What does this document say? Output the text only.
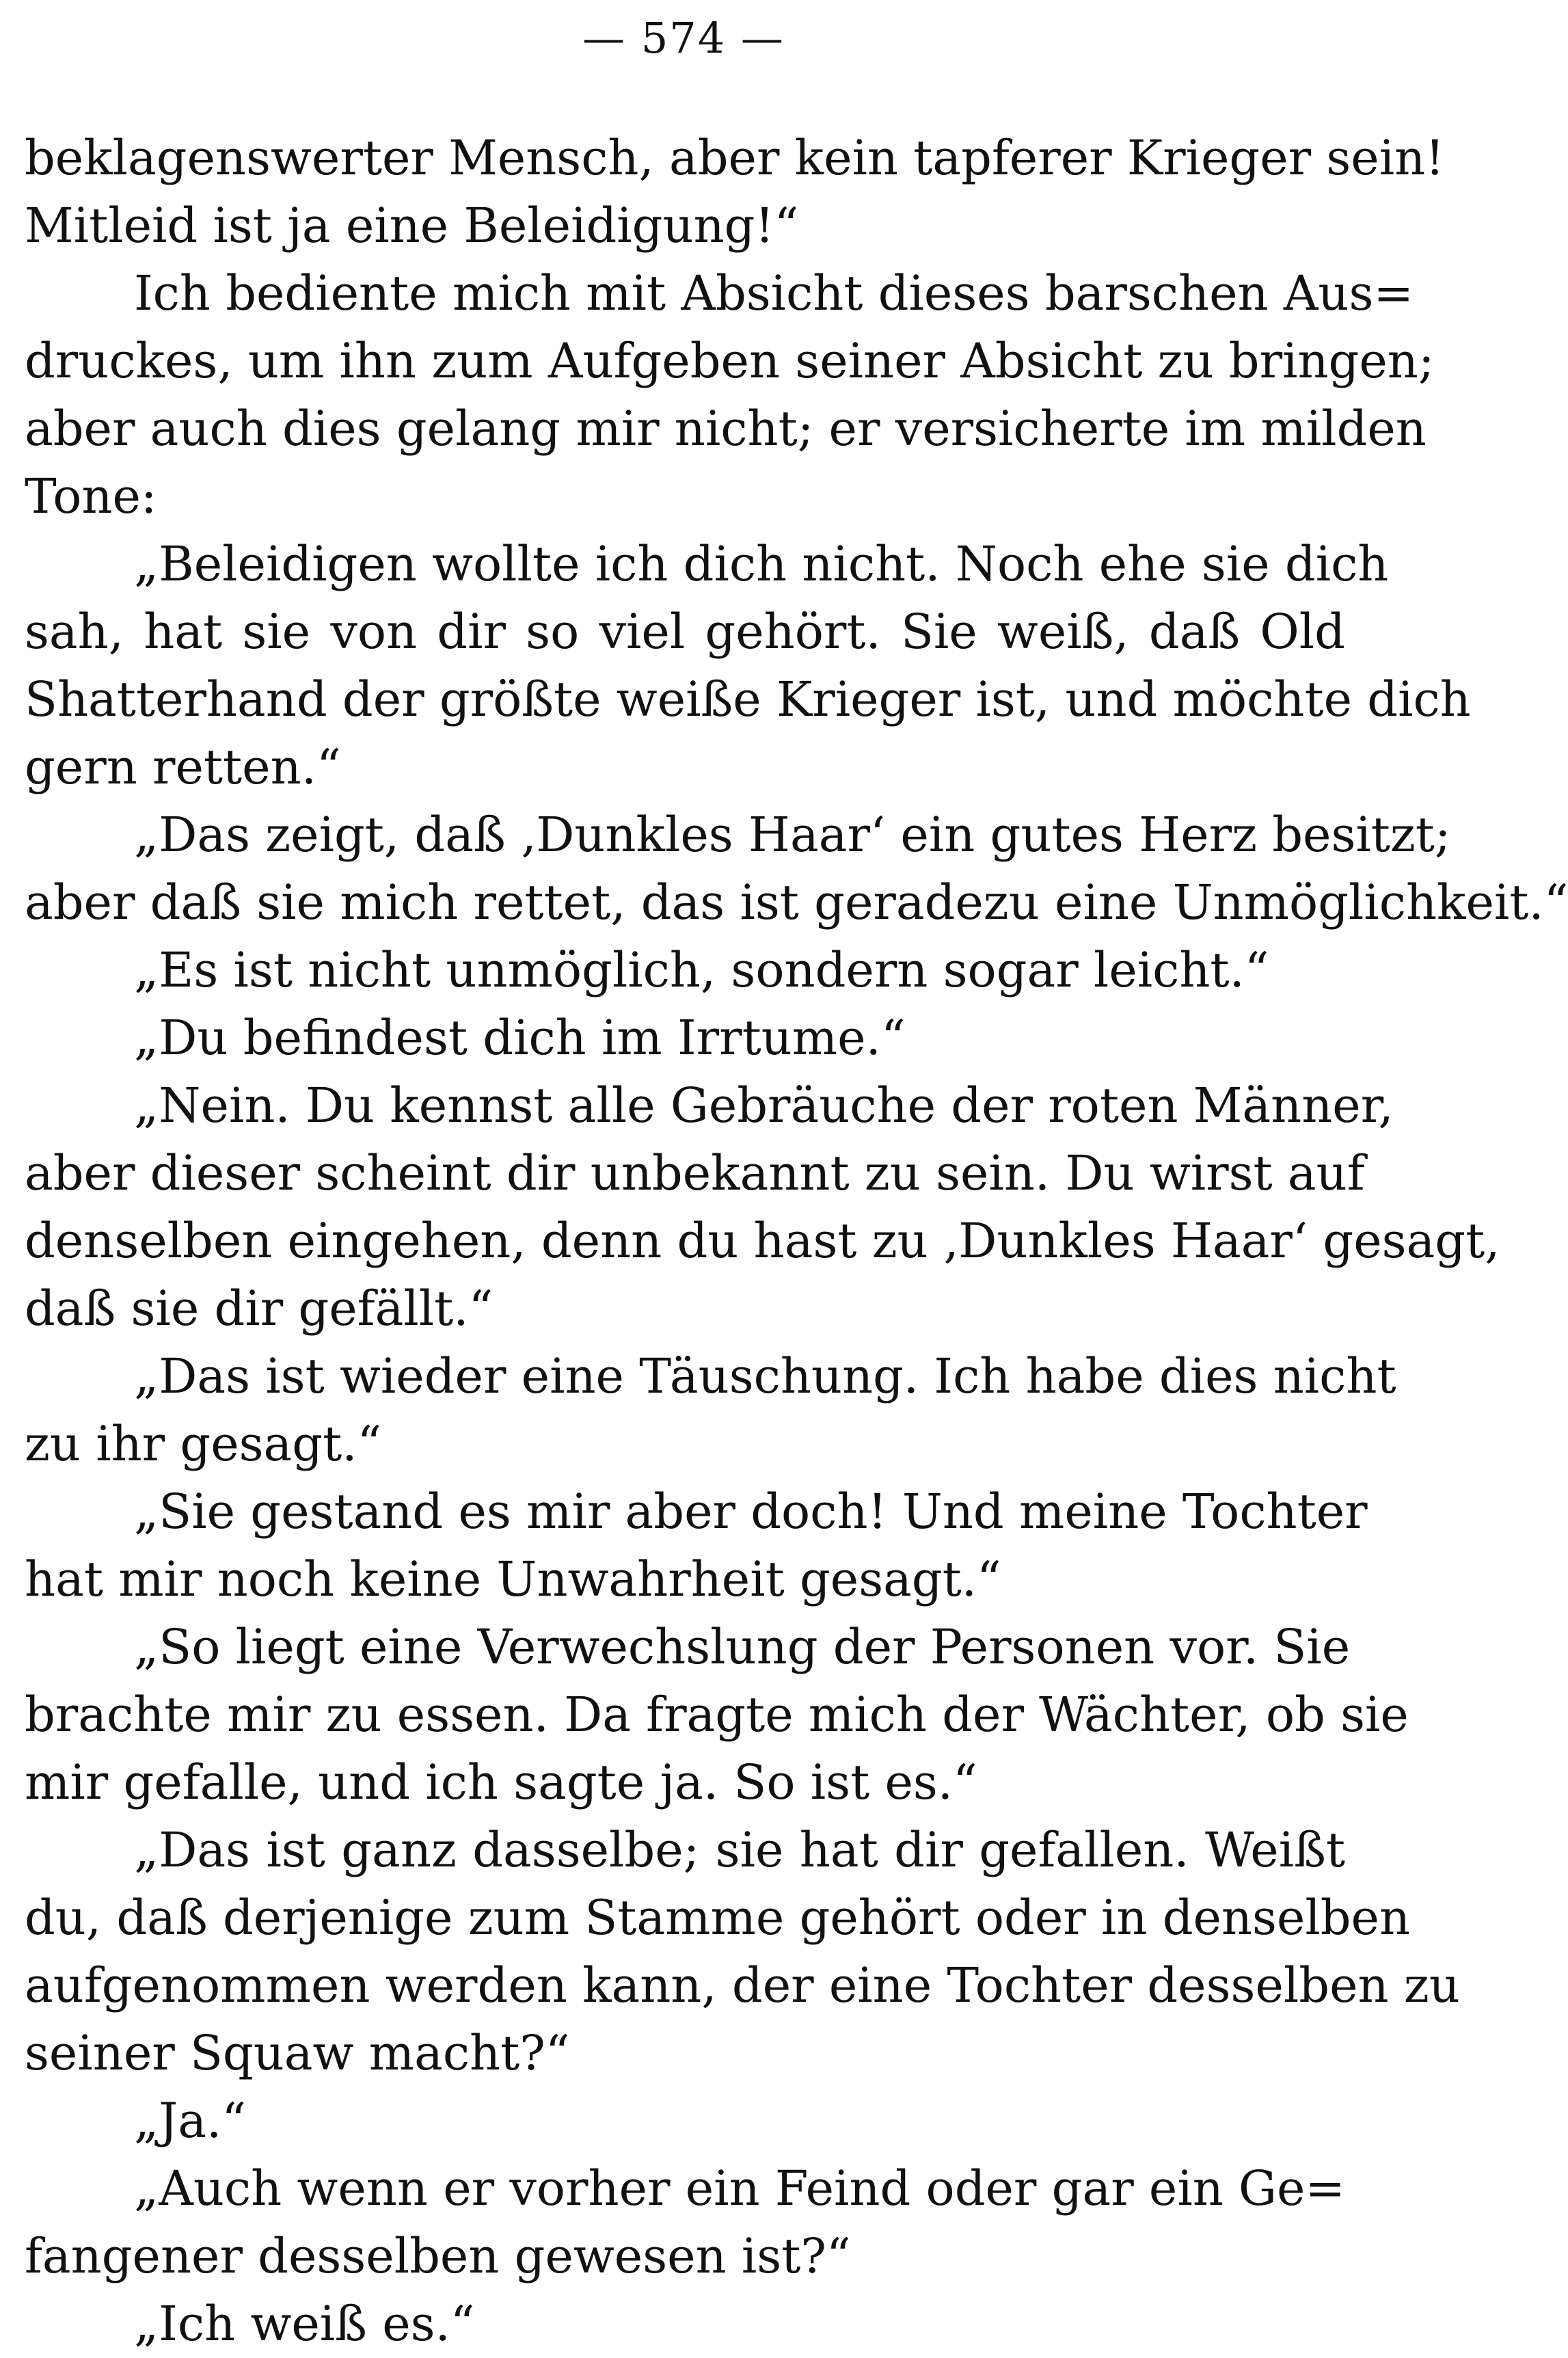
— 574 —
beklagenswerter Mensch, aber kein tapferer Krieger sein!
Mitleid ist ja eine Beleidigung!“
Ich bediente mich mit Absicht dieses barschen Aus=
druckes, um ihn zum Aufgeben seiner Absicht zu bringen;
aber auch dies gelang mir nicht; er versicherte im milden
Tone:
„Beleidigen wollte ich dich nicht. Noch ehe sie dich
sah, hat sie von dir so viel gehört. Sie weiß, daß Old
Shatterhand der größte weiße Krieger ist, und möchte dich
gern retten.“
„Das zeigt, daß ‚Dunkles Haar‘ ein gutes Herz besitzt;
aber daß sie mich rettet, das ist geradezu eine Unmöglichkeit.“
„Es ist nicht unmöglich, sondern sogar leicht.“
„Du befindest dich im Irrtume.“
„Nein. Du kennst alle Gebräuche der roten Männer,
aber dieser scheint dir unbekannt zu sein. Du wirst auf
denselben eingehen, denn du hast zu ‚Dunkles Haar‘ gesagt,
daß sie dir gefällt.“
„Das ist wieder eine Täuschung. Ich habe dies nicht
zu ihr gesagt.“
„Sie gestand es mir aber doch! Und meine Tochter
hat mir noch keine Unwahrheit gesagt.“
„So liegt eine Verwechslung der Personen vor. Sie
brachte mir zu essen. Da fragte mich der Wächter, ob sie
mir gefalle, und ich sagte ja. So ist es.“
„Das ist ganz dasselbe; sie hat dir gefallen. Weißt
du, daß derjenige zum Stamme gehört oder in denselben
aufgenommen werden kann, der eine Tochter desselben zu
seiner Squaw macht?“
„Ja.“
„Auch wenn er vorher ein Feind oder gar ein Ge=
fangener desselben gewesen ist?“
„Ich weiß es.“
